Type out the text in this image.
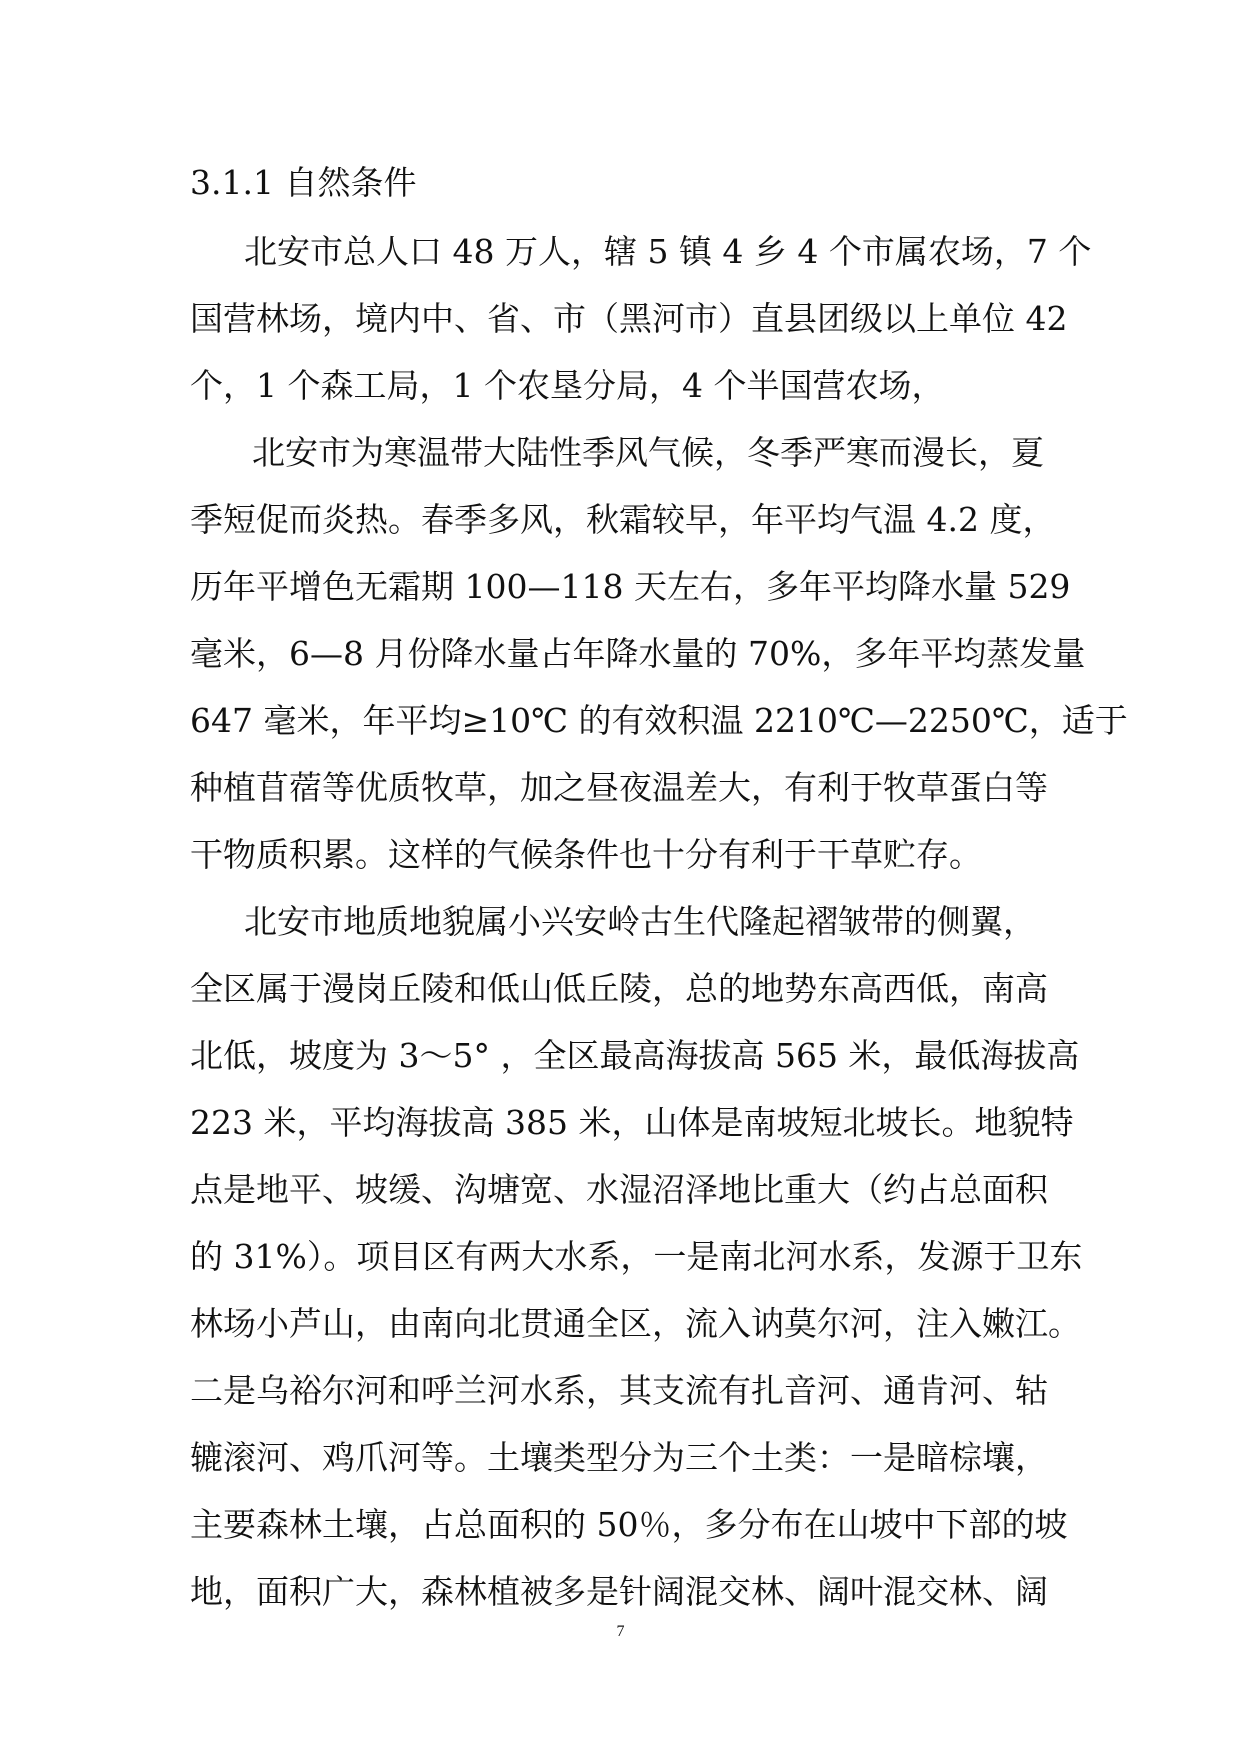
3.1.1 自然条件
北安市总人口 48 万人，辖 5 镇 4 乡 4 个市属农场，7 个
国营林场，境内中、省、市（黑河市）直县团级以上单位 42
个，1 个森工局，1 个农垦分局，4 个半国营农场，
北安市为寒温带大陆性季风气候，冬季严寒而漫长，夏
季短促而炎热。春季多风，秋霜较早，年平均气温 4.2 度，
历年平增色无霜期 100—118 天左右，多年平均降水量 529
毫米，6—8 月份降水量占年降水量的 70%，多年平均蒸发量
647 毫米，年平均≥10℃ 的有效积温 2210℃—2250℃，适于
种植苜蓿等优质牧草，加之昼夜温差大，有利于牧草蛋白等
干物质积累。这样的气候条件也十分有利于干草贮存。
北安市地质地貌属小兴安岭古生代隆起褶皱带的侧翼，
全区属于漫岗丘陵和低山低丘陵，总的地势东高西低，南高
北低，坡度为 3～5° ，全区最高海拔高 565 米，最低海拔高
223 米，平均海拔高 385 米，山体是南坡短北坡长。地貌特
点是地平、坡缓、沟塘宽、水湿沼泽地比重大（约占总面积
的 31%）。项目区有两大水系，一是南北河水系，发源于卫东
林场小芦山，由南向北贯通全区，流入讷莫尔河，注入嫩江。
二是乌裕尔河和呼兰河水系，其支流有扎音河、通肯河、轱
辘滚河、鸡爪河等。土壤类型分为三个土类：一是暗棕壤，
主要森林土壤，占总面积的 50％，多分布在山坡中下部的坡
地，面积广大，森林植被多是针阔混交林、阔叶混交林、阔
7
